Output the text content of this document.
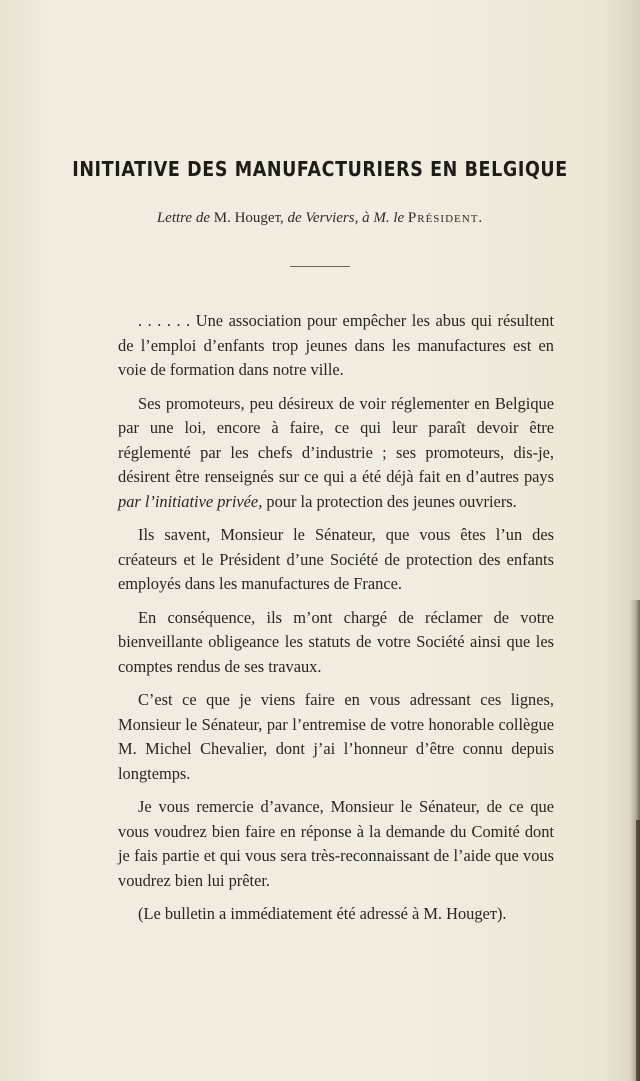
INITIATIVE DES MANUFACTURIERS EN BELGIQUE
Lettre de M. Hougeт, de Verviers, à M. le Président.

. . . . . . Une association pour empêcher les abus qui résultent de l’emploi d’enfants trop jeunes dans les manufactures est en voie de formation dans notre ville.

Ses promoteurs, peu désireux de voir réglementer en Belgique par une loi, encore à faire, ce qui leur paraît devoir être réglementé par les chefs d’industrie ; ses promoteurs, dis-je, désirent être renseignés sur ce qui a été déjà fait en d’autres pays par l’initiative privée, pour la protection des jeunes ouvriers.

Ils savent, Monsieur le Sénateur, que vous êtes l’un des créateurs et le Président d’une Société de protection des enfants employés dans les manufactures de France.

En conséquence, ils m’ont chargé de réclamer de votre bienveillante obligeance les statuts de votre Société ainsi que les comptes rendus de ses travaux.

C’est ce que je viens faire en vous adressant ces lignes, Monsieur le Sénateur, par l’entremise de votre honorable collègue M. Michel Chevalier, dont j’ai l’honneur d’être connu depuis longtemps.

Je vous remercie d’avance, Monsieur le Sénateur, de ce que vous voudrez bien faire en réponse à la demande du Comité dont je fais partie et qui vous sera très-reconnaissant de l’aide que vous voudrez bien lui prêter.

(Le bulletin a immédiatement été adressé à M. Hougeт).
